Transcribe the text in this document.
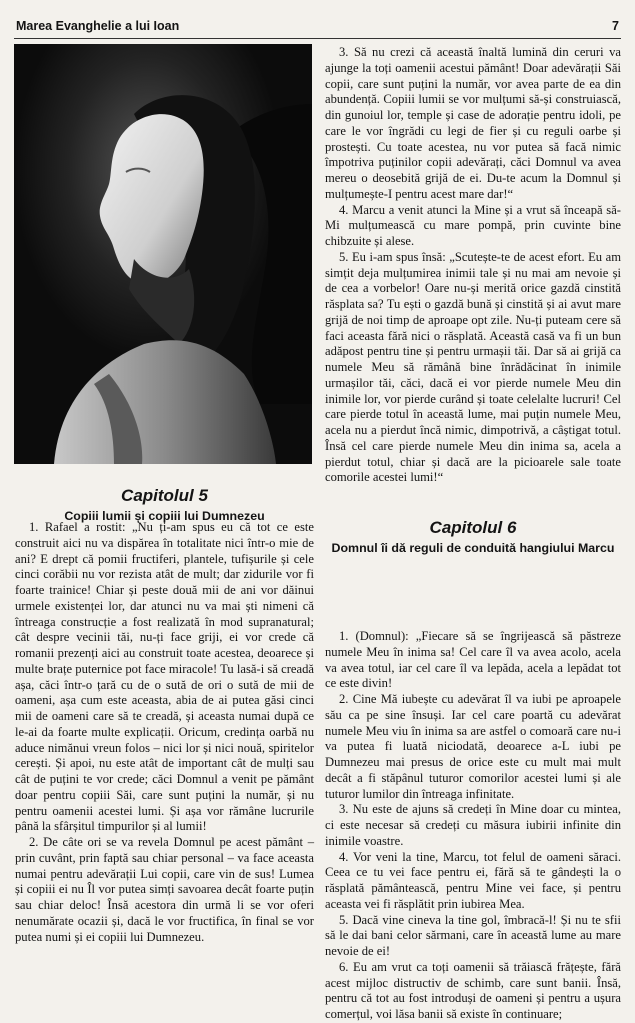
Marea Evanghelie a lui Ioan	7
Capitolul 5
Copiii lumii și copiii lui Dumnezeu

1. Rafael a rostit: „Nu ți-am spus eu că tot ce este construit aici nu va dispărea în totalitate nici într-o mie de ani? E drept că pomii fructiferi, plantele, tufișurile și cele cinci corăbii nu vor rezista atât de mult; dar zidurile vor fi foarte trainice! Chiar și peste două mii de ani vor dăinui urmele existenței lor, dar atunci nu va mai ști nimeni că întreaga construcție a fost realizată în mod supranatural; cât despre vecinii tăi, nu-ți face griji, ei vor crede că romanii prezenți aici au construit toate acestea, deoarece și multe brațe puternice pot face miracole! Tu lasă-i să creadă așa, căci într-o țară cu de o sută de ori o sută de mii de oameni, așa cum este aceasta, abia de ai putea găsi cinci mii de oameni care să te creadă, și aceasta numai după ce le-ai da foarte multe explicații. Oricum, credința oarbă nu aduce nimănui vreun folos – nici lor și nici nouă, spiritelor cerești. Și apoi, nu este atât de important cât de mulți sau cât de puțini te vor crede; căci Domnul a venit pe pământ doar pentru copiii Săi, care sunt puțini la număr, și nu pentru oamenii acestei lumi. Și așa vor rămâne lucrurile până la sfârșitul timpurilor și al lumii!

2. De câte ori se va revela Domnul pe acest pământ – prin cuvânt, prin faptă sau chiar personal – va face aceasta numai pentru adevărații Lui copii, care vin de sus! Lumea și copiii ei nu Îl vor putea simți savoarea decât foarte puțin sau chiar deloc! Însă acestora din urmă li se vor oferi nenumărate ocazii și, dacă le vor fructifica, în final se vor putea numi și ei copiii lui Dumnezeu.

3. Să nu crezi că această înaltă lumină din ceruri va ajunge la toți oamenii acestui pământ! Doar adevărații Săi copii, care sunt puțini la număr, vor avea parte de ea din abundență. Copiii lumii se vor mulțumi să-și construiască, din gunoiul lor, temple și case de adorație pentru idoli, pe care le vor îngrădi cu legi de fier și cu reguli oarbe și prostești. Cu toate acestea, nu vor putea să facă nimic împotriva puținilor copii adevărați, căci Domnul va avea mereu o deosebită grijă de ei. Du-te acum la Domnul și mulțumește-I pentru acest mare dar!“

4. Marcu a venit atunci la Mine și a vrut să înceapă să-Mi mulțumească cu mare pompă, prin cuvinte bine chibzuite și alese.

5. Eu i-am spus însă: „Scutește-te de acest efort. Eu am simțit deja mulțumirea inimii tale și nu mai am nevoie și de cea a vorbelor! Oare nu-și merită orice gazdă cinstită răsplata sa? Tu ești o gazdă bună și cinstită și ai avut mare grijă de noi timp de aproape opt zile. Nu-ți puteam cere să faci aceasta fără nici o răsplată. Această casă va fi un bun adăpost pentru tine și pentru urmașii tăi. Dar să ai grijă ca numele Meu să rămână bine înrădăcinat în inimile urmașilor tăi, căci, dacă ei vor pierde numele Meu din inimile lor, vor pierde curând și toate celelalte lucruri! Cel care pierde totul în această lume, mai puțin numele Meu, acela nu a pierdut încă nimic, dimpotrivă, a câștigat totul. Însă cel care pierde numele Meu din inima sa, acela a pierdut totul, chiar și dacă are la picioarele sale toate comorile acestei lumi!“

1. (Domnul): „Fiecare să se îngrijească să păstreze numele Meu în inima sa! Cel care îl va avea acolo, acela va avea totul, iar cel care îl va lepăda, acela a lepădat tot ce este divin!

2. Cine Mă iubește cu adevărat îl va iubi pe aproapele său ca pe sine însuși. Iar cel care poartă cu adevărat numele Meu viu în inima sa are astfel o comoară care nu-i va putea fi luată niciodată, deoarece a-L iubi pe Dumnezeu mai presus de orice este cu mult mai mult decât a fi stăpânul tuturor comorilor acestei lumi și ale tuturor lumilor din întreaga infinitate.

3. Nu este de ajuns să credeți în Mine doar cu mintea, ci este necesar să credeți cu măsura iubirii infinite din inimile voastre.

4. Vor veni la tine, Marcu, tot felul de oameni săraci. Ceea ce tu vei face pentru ei, fără să te gândești la o răsplată pământească, pentru Mine vei face, și pentru aceasta vei fi răsplătit prin iubirea Mea.

5. Dacă vine cineva la tine gol, îmbracă-l! Și nu te sfii să le dai bani celor sărmani, care în această lume au mare nevoie de ei!

6. Eu am vrut ca toți oamenii să trăiască frățește, fără acest mijloc distructiv de schimb, care sunt banii. Însă, pentru că tot au fost introduși de oameni și pentru a ușura comerțul, voi lăsa banii să existe în continuare;

Capitolul 6
Domnul îi dă reguli de conduită hangiului Marcu
